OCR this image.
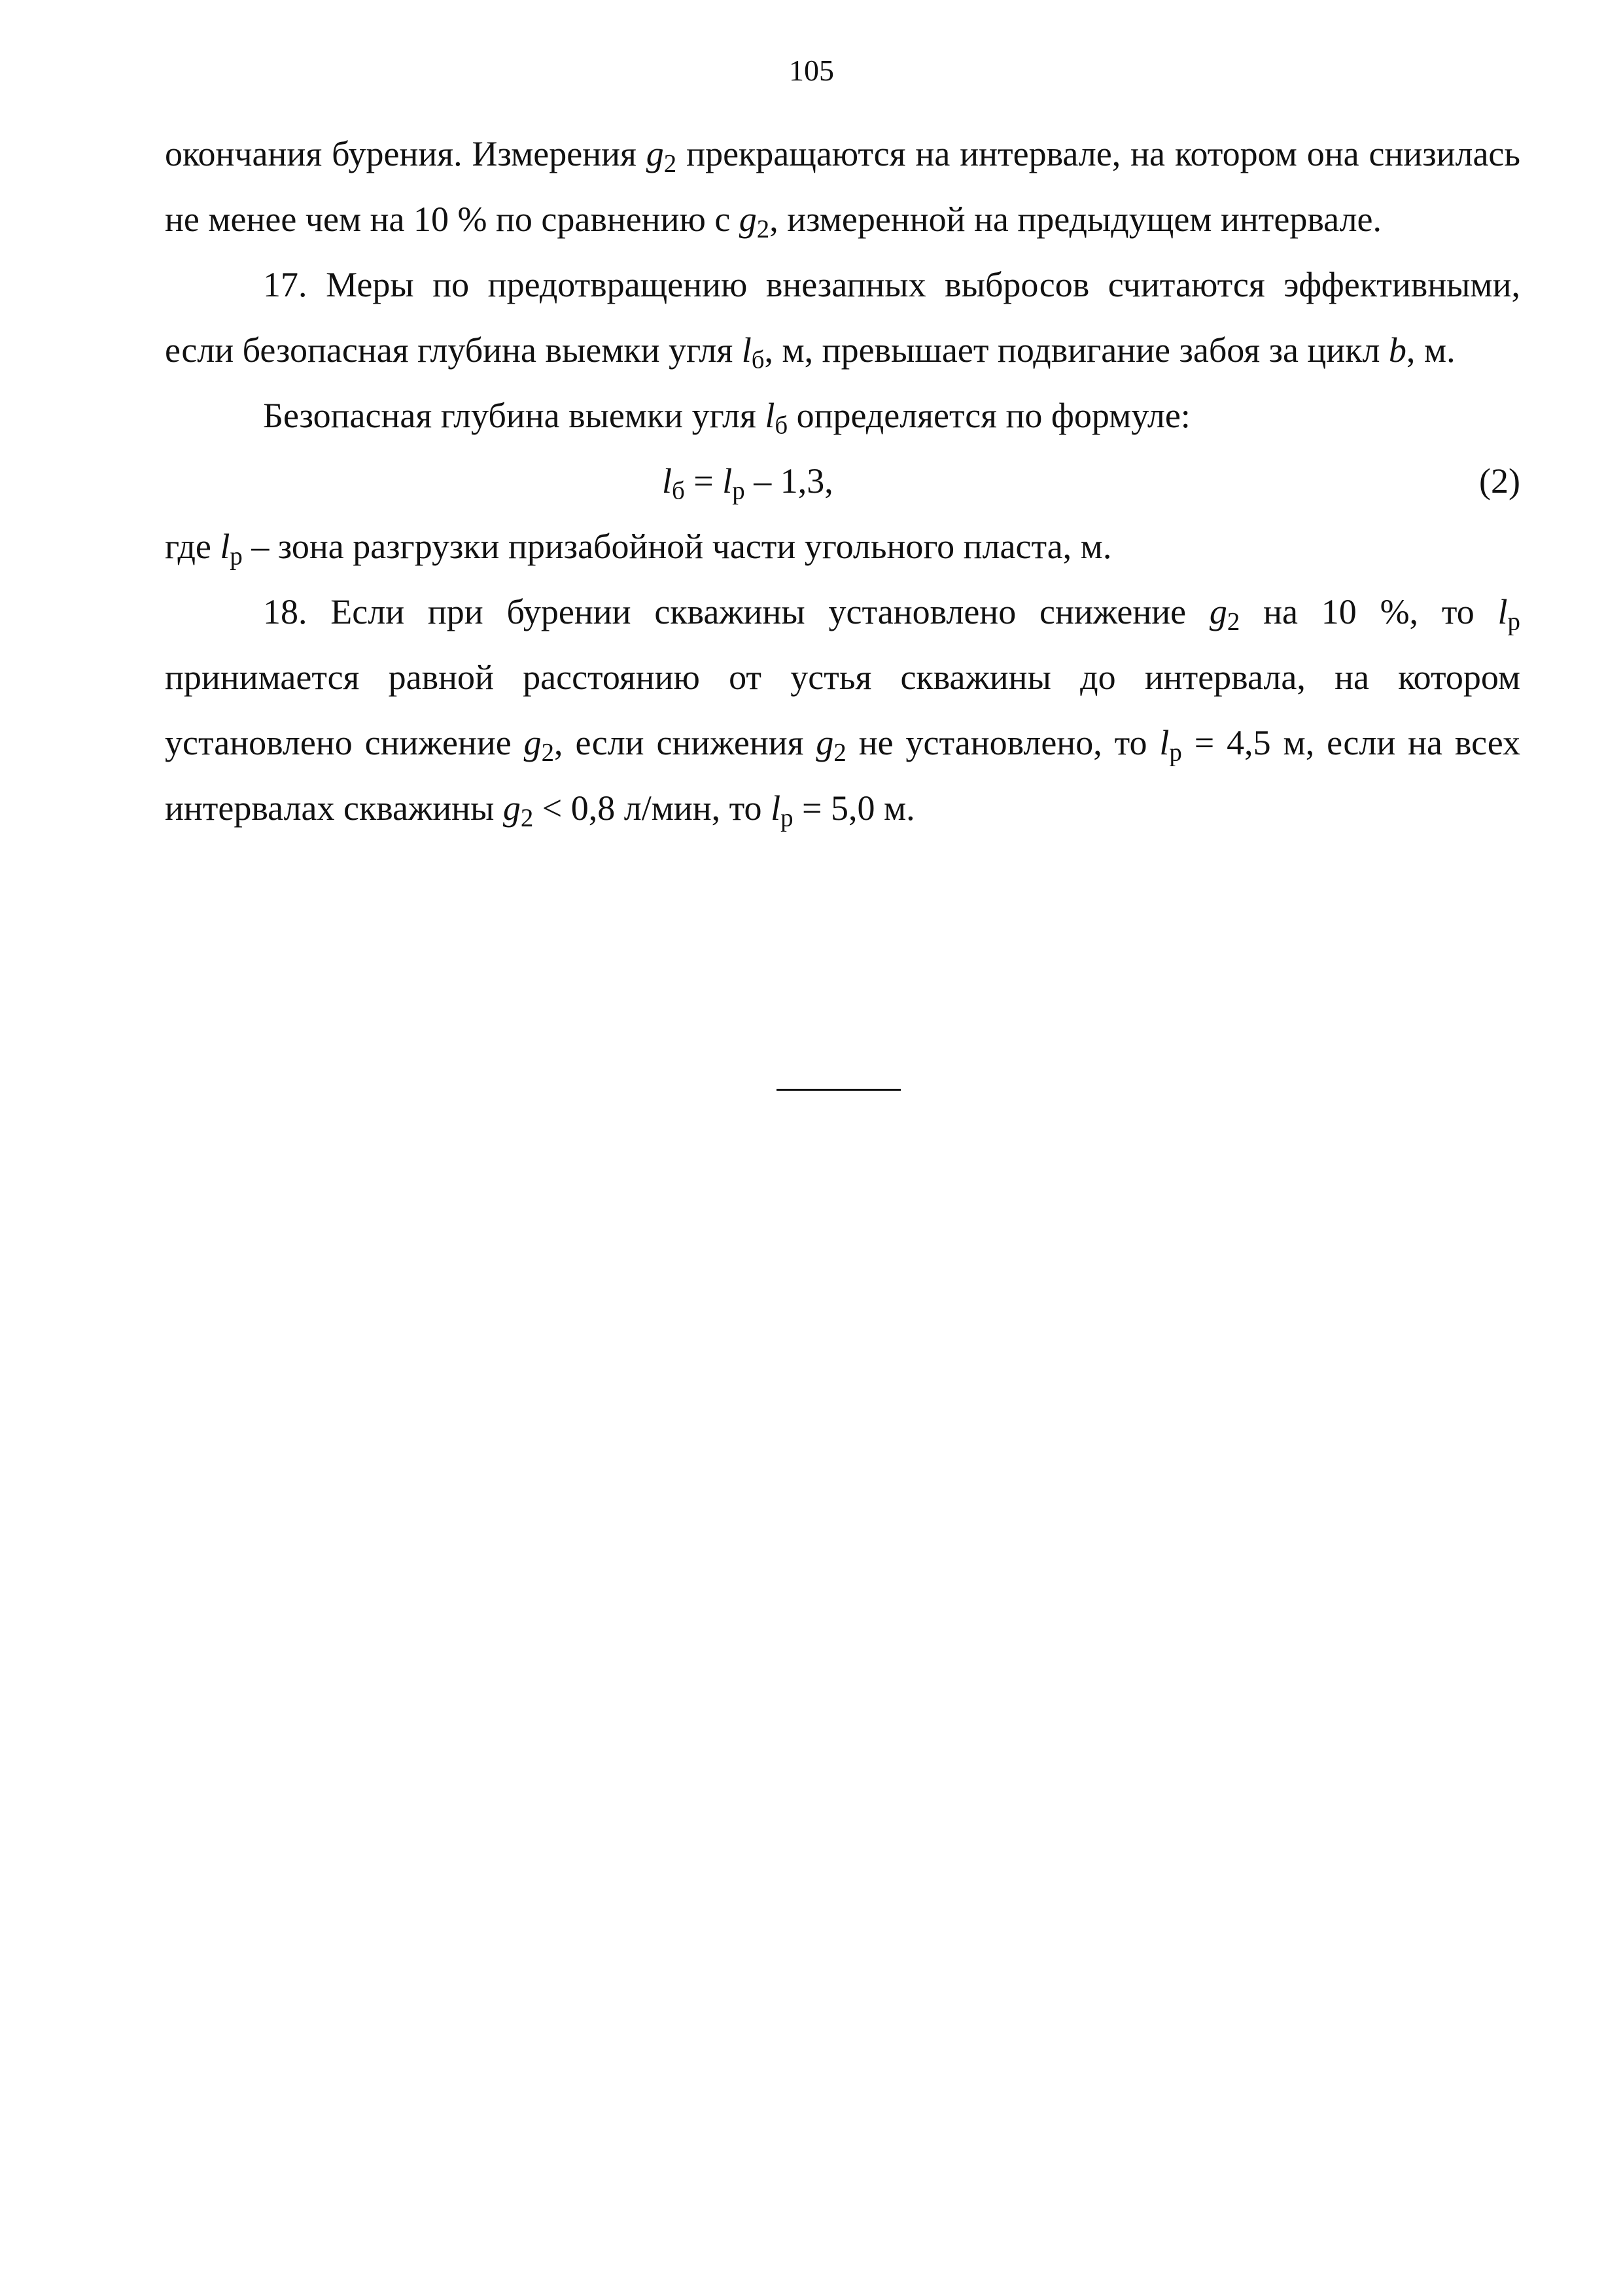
105

окончания бурения. Измерения $g_2$ прекращаются на интервале, на котором она снизилась не менее чем на 10 % по сравнению с $g_2$, измеренной на предыдущем интервале.

17. Меры по предотвращению внезапных выбросов считаются эффективными, если безопасная глубина выемки угля $l_б$, м, превышает подвигание забоя за цикл b, м.

Безопасная глубина выемки угля $l_б$ определяется по формуле:

$l_б = l_р - 1,3$,	(2)

где $l_р$ – зона разгрузки призабойной части угольного пласта, м.

18. Если при бурении скважины установлено снижение $g_2$ на 10 %, то $l_р$ принимается равной расстоянию от устья скважины до интервала, на котором установлено снижение $g_2$, если снижения $g_2$ не установлено, то $l_р = 4,5$ м, если на всех интервалах скважины $g_2 < 0,8$ л/мин, то $l_р = 5,0$ м.
